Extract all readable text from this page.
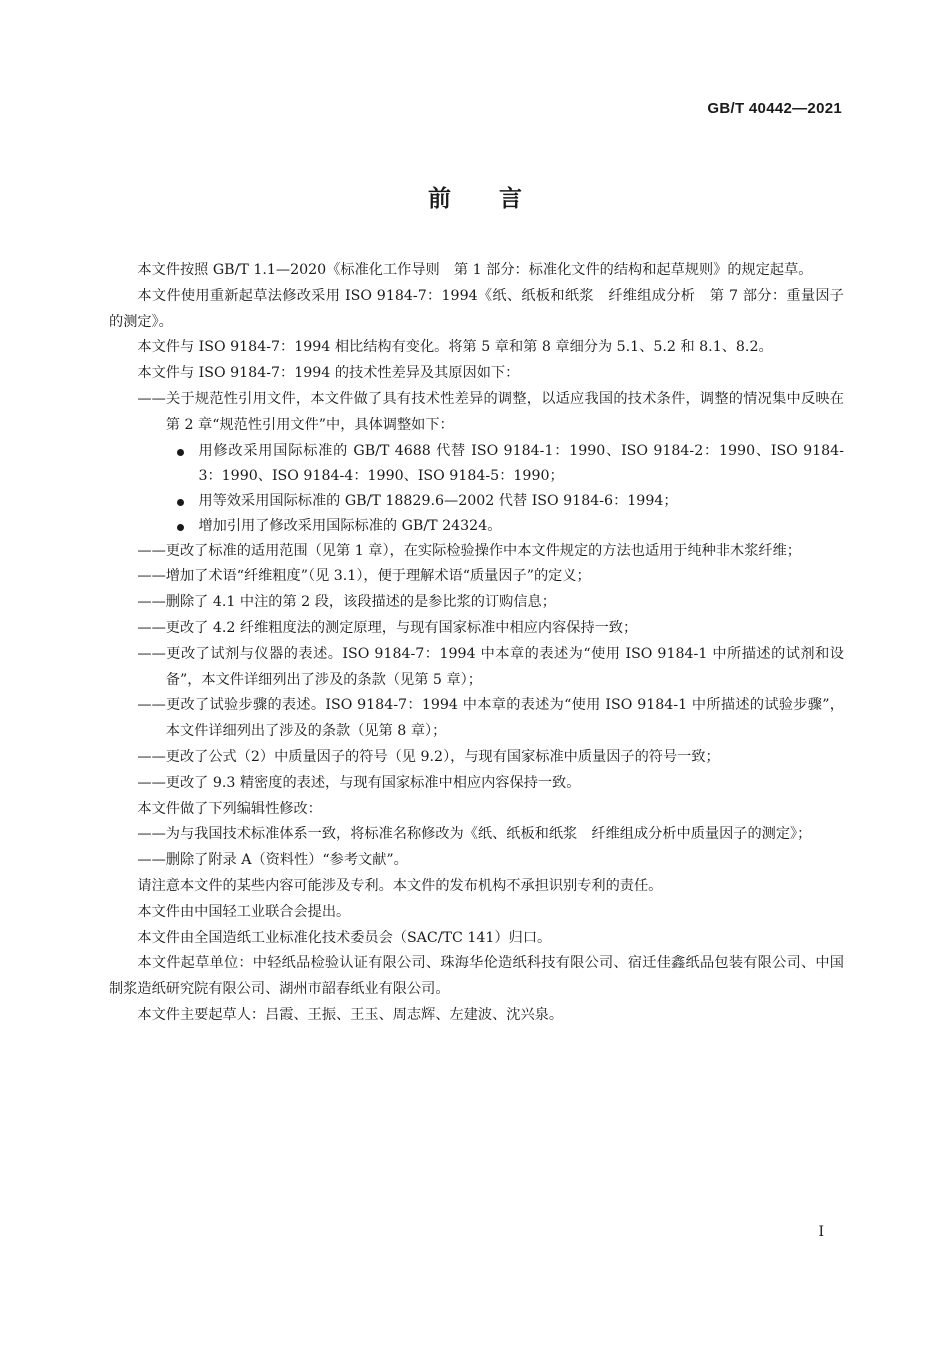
GB/T 40442—2021
前言

本文件按照 GB/T 1.1—2020《标准化工作导则　第 1 部分：标准化文件的结构和起草规则》的规定起草。

本文件使用重新起草法修改采用 ISO 9184-7：1994《纸、纸板和纸浆　纤维组成分析　第 7 部分：重量因子的测定》。

本文件与 ISO 9184-7：1994 相比结构有变化。将第 5 章和第 8 章细分为 5.1、5.2 和 8.1、8.2。

本文件与 ISO 9184-7：1994 的技术性差异及其原因如下：

——关于规范性引用文件，本文件做了具有技术性差异的调整，以适应我国的技术条件，调整的情况集中反映在第 2 章“规范性引用文件”中，具体调整如下：

用修改采用国际标准的 GB/T 4688 代替 ISO 9184-1：1990、ISO 9184-2：1990、ISO 9184-3：1990、ISO 9184-4：1990、ISO 9184-5：1990；

用等效采用国际标准的 GB/T 18829.6—2002 代替 ISO 9184-6：1994；

增加引用了修改采用国际标准的 GB/T 24324。

——更改了标准的适用范围（见第 1 章），在实际检验操作中本文件规定的方法也适用于纯种非木浆纤维；

——增加了术语“纤维粗度”（见 3.1），便于理解术语“质量因子”的定义；

——删除了 4.1 中注的第 2 段，该段描述的是参比浆的订购信息；

——更改了 4.2 纤维粗度法的测定原理，与现有国家标准中相应内容保持一致；

——更改了试剂与仪器的表述。ISO 9184-7：1994 中本章的表述为“使用 ISO 9184-1 中所描述的试剂和设备”，本文件详细列出了涉及的条款（见第 5 章）；

——更改了试验步骤的表述。ISO 9184-7：1994 中本章的表述为“使用 ISO 9184-1 中所描述的试验步骤”，本文件详细列出了涉及的条款（见第 8 章）；

——更改了公式（2）中质量因子的符号（见 9.2），与现有国家标准中质量因子的符号一致；

——更改了 9.3 精密度的表述，与现有国家标准中相应内容保持一致。

本文件做了下列编辑性修改：

——为与我国技术标准体系一致，将标准名称修改为《纸、纸板和纸浆　纤维组成分析中质量因子的测定》；

——删除了附录 A（资料性）“参考文献”。

请注意本文件的某些内容可能涉及专利。本文件的发布机构不承担识别专利的责任。

本文件由中国轻工业联合会提出。

本文件由全国造纸工业标准化技术委员会（SAC/TC 141）归口。

本文件起草单位：中轻纸品检验认证有限公司、珠海华伦造纸科技有限公司、宿迁佳鑫纸品包装有限公司、中国制浆造纸研究院有限公司、湖州市韶春纸业有限公司。

本文件主要起草人：吕霞、王振、王玉、周志辉、左建波、沈兴泉。

I
